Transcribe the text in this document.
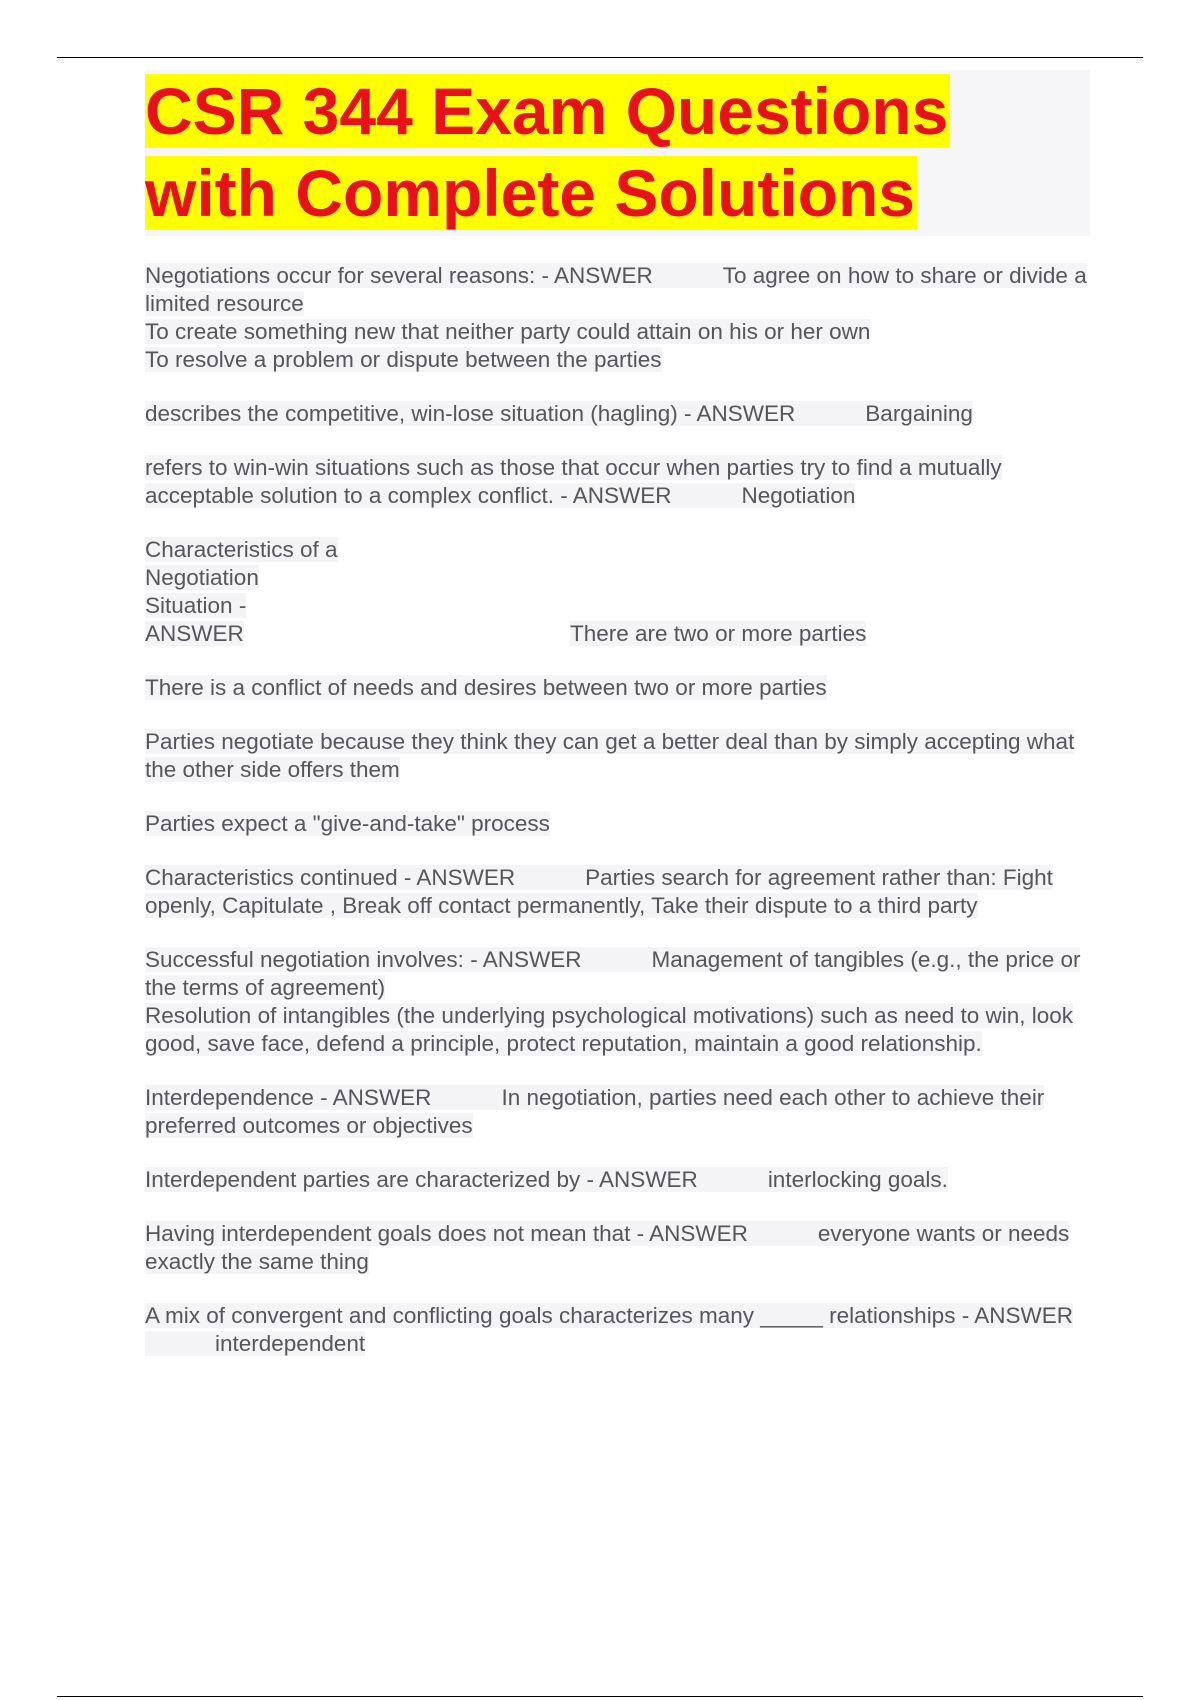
CSR 344 Exam Questions
with Complete Solutions

Negotiations occur for several reasons: - ANSWER	To agree on how to share or divide a limited resource

To create something new that neither party could attain on his or her own

To resolve a problem or dispute between the parties

describes the competitive, win-lose situation (hagling) - ANSWER	Bargaining

refers to win-win situations such as those that occur when parties try to find a mutually acceptable solution to a complex conflict. - ANSWER	Negotiation

Characteristics of a Negotiation Situation - ANSWER	There are two or more parties

There is a conflict of needs and desires between two or more parties

Parties negotiate because they think they can get a better deal than by simply accepting what the other side offers them

Parties expect a "give-and-take" process

Characteristics continued - ANSWER	Parties search for agreement rather than: Fight openly, Capitulate , Break off contact permanently, Take their dispute to a third party

Successful negotiation involves: - ANSWER	Management of tangibles (e.g., the price or the terms of agreement)

Resolution of intangibles (the underlying psychological motivations) such as need to win, look good, save face, defend a principle, protect reputation, maintain a good relationship.

Interdependence - ANSWER	In negotiation, parties need each other to achieve their preferred outcomes or objectives

Interdependent parties are characterized by - ANSWER	interlocking goals.

Having interdependent goals does not mean that - ANSWER	everyone wants or needs exactly the same thing

A mix of convergent and conflicting goals characterizes many _____ relationships - ANSWERinterdependent
